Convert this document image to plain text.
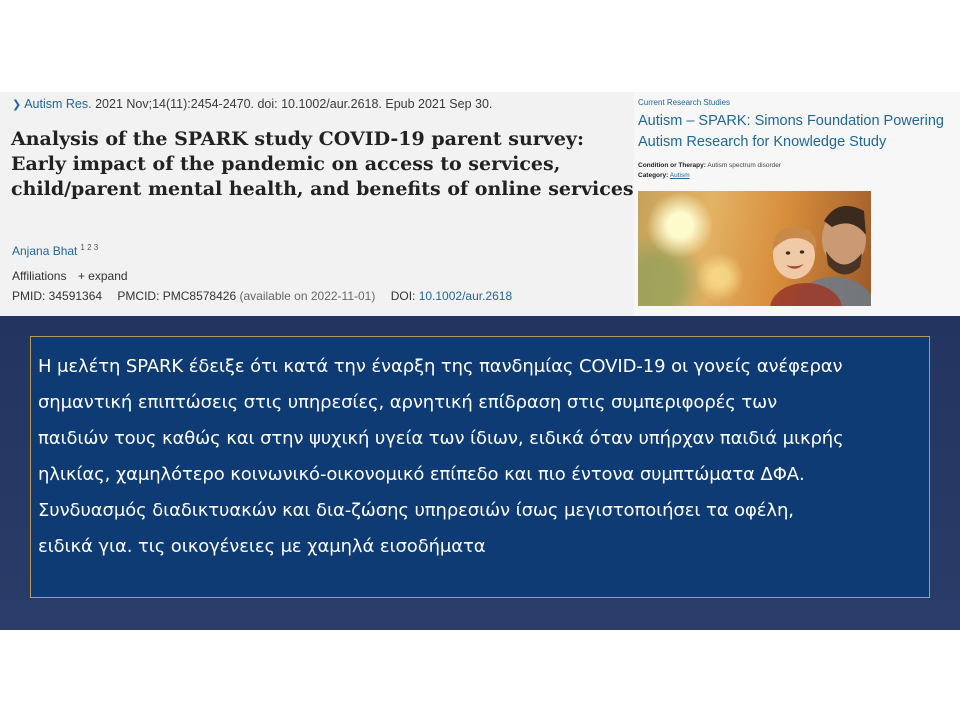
❯ Autism Res. 2021 Nov;14(11):2454-2470. doi: 10.1002/aur.2618. Epub 2021 Sep 30.
Analysis of the SPARK study COVID-19 parent survey: Early impact of the pandemic on access to services, child/parent mental health, and benefits of online services
Anjana Bhat $^{1 2 3}$
Affiliations + expand
PMID: 34591364 PMCID: PMC8578426 (available on 2022-11-01) DOI: 10.1002/aur.2618
Current Research Studies
Autism – SPARK: Simons Foundation Powering Autism Research for Knowledge Study
Condition or Therapy: Autism spectrum disorder
Category: Autism
Η μελέτη SPARK έδειξε ότι κατά την έναρξη της πανδημίας COVID-19 οι γονείς ανέφεραν
σημαντική επιπτώσεις στις υπηρεσίες, αρνητική επίδραση στις συμπεριφορές των
παιδιών τους καθώς και στην ψυχική υγεία των ίδιων, ειδικά όταν υπήρχαν παιδιά μικρής
ηλικίας, χαμηλότερο κοινωνικό-οικονομικό επίπεδο και πιο έντονα συμπτώματα ΔΦΑ.
Συνδυασμός διαδικτυακών και δια-ζώσης υπηρεσιών ίσως μεγιστοποιήσει τα οφέλη,
ειδικά για. τις οικογένειες με χαμηλά εισοδήματα
